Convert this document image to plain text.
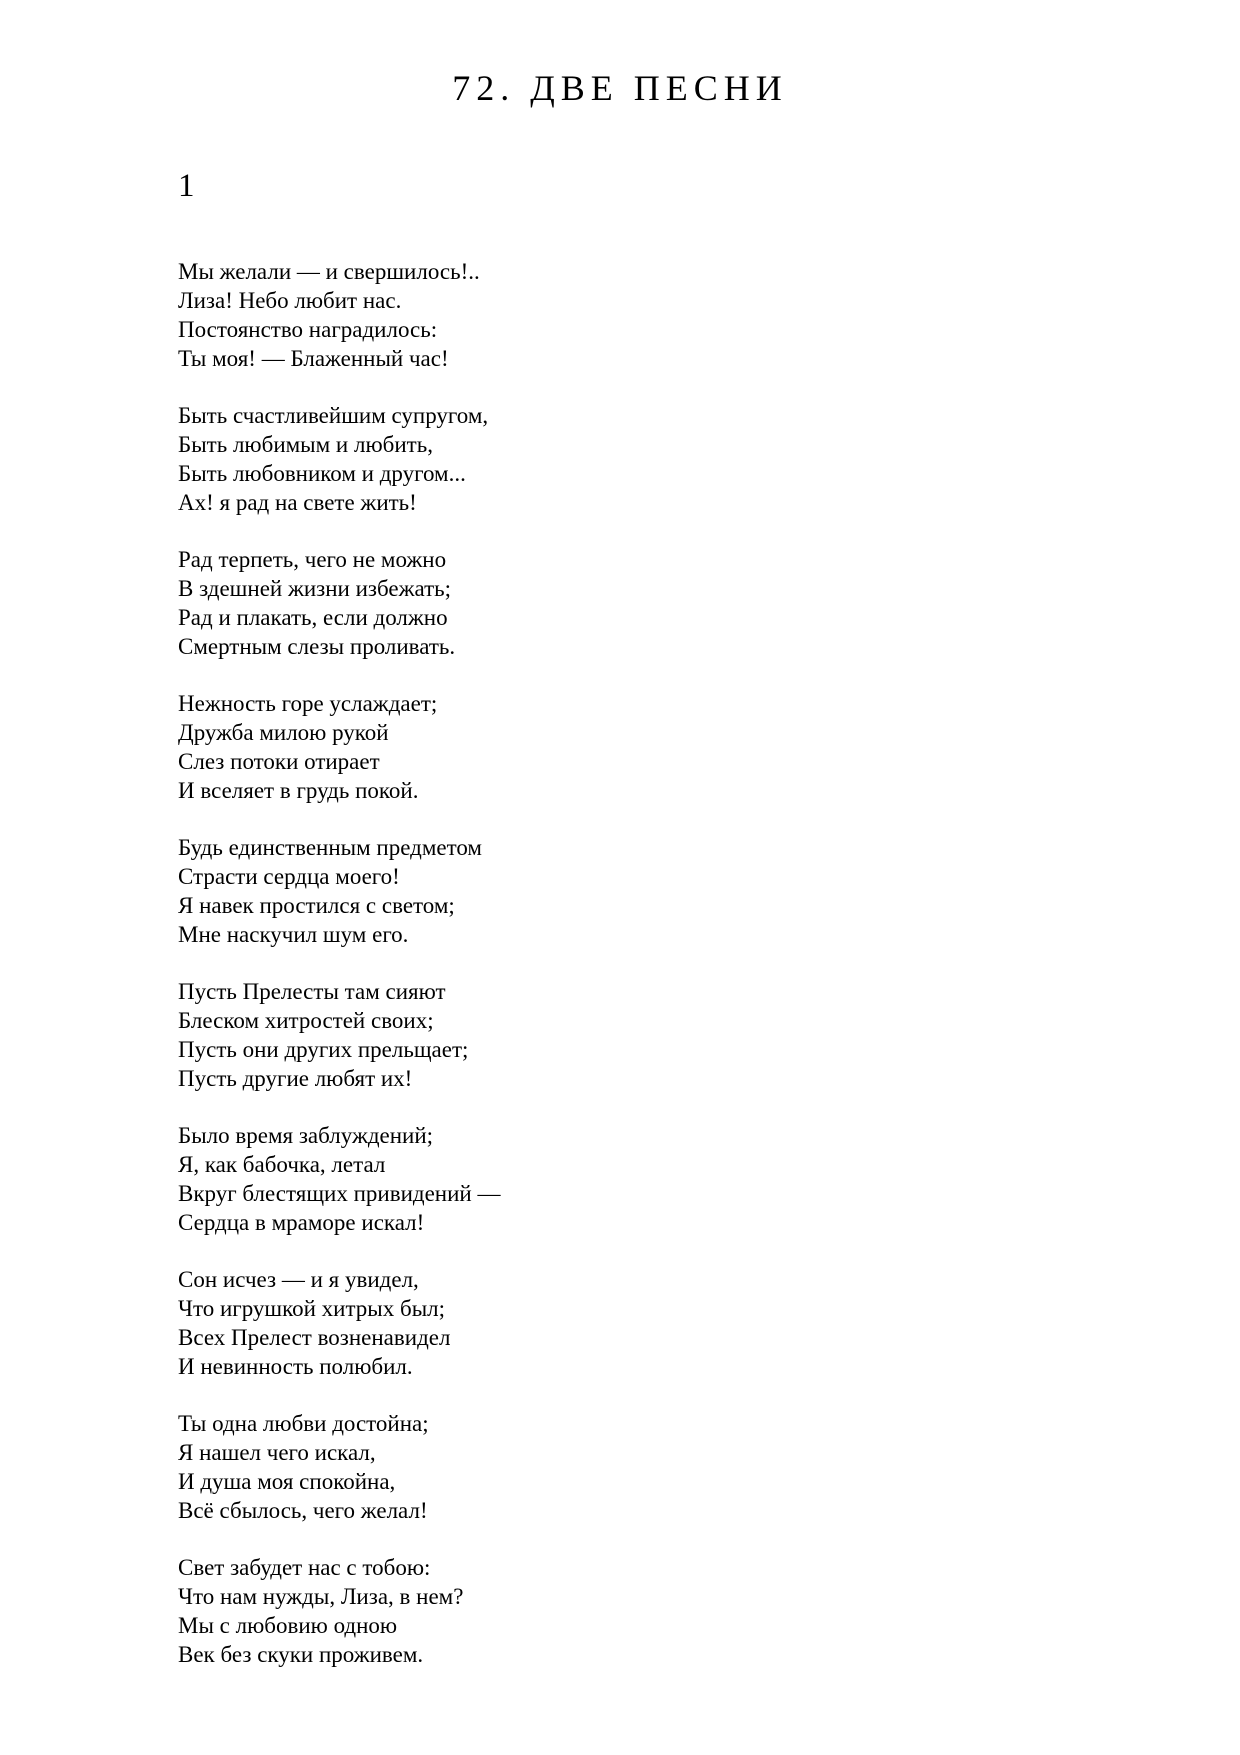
72. ДВЕ ПЕСНИ
1
Мы желали — и свершилось!..
Лиза! Небо любит нас.
Постоянство наградилось:
Ты моя! — Блаженный час!
Быть счастливейшим супругом,
Быть любимым и любить,
Быть любовником и другом...
Ах! я рад на свете жить!
Рад терпеть, чего не можно
В здешней жизни избежать;
Рад и плакать, если должно
Смертным слезы проливать.
Нежность горе услаждает;
Дружба милою рукой
Слез потоки отирает
И вселяет в грудь покой.
Будь единственным предметом
Страсти сердца моего!
Я навек простился с светом;
Мне наскучил шум его.
Пусть Прелесты там сияют
Блеском хитростей своих;
Пусть они других прельщает;
Пусть другие любят их!
Было время заблуждений;
Я, как бабочка, летал
Вкруг блестящих привидений —
Сердца в мраморе искал!
Сон исчез — и я увидел,
Что игрушкой хитрых был;
Всех Прелест возненавидел
И невинность полюбил.
Ты одна любви достойна;
Я нашел чего искал,
И душа моя спокойна,
Всё сбылось, чего желал!
Свет забудет нас с тобою:
Что нам нужды, Лиза, в нем?
Мы с любовию одною
Век без скуки проживем.
